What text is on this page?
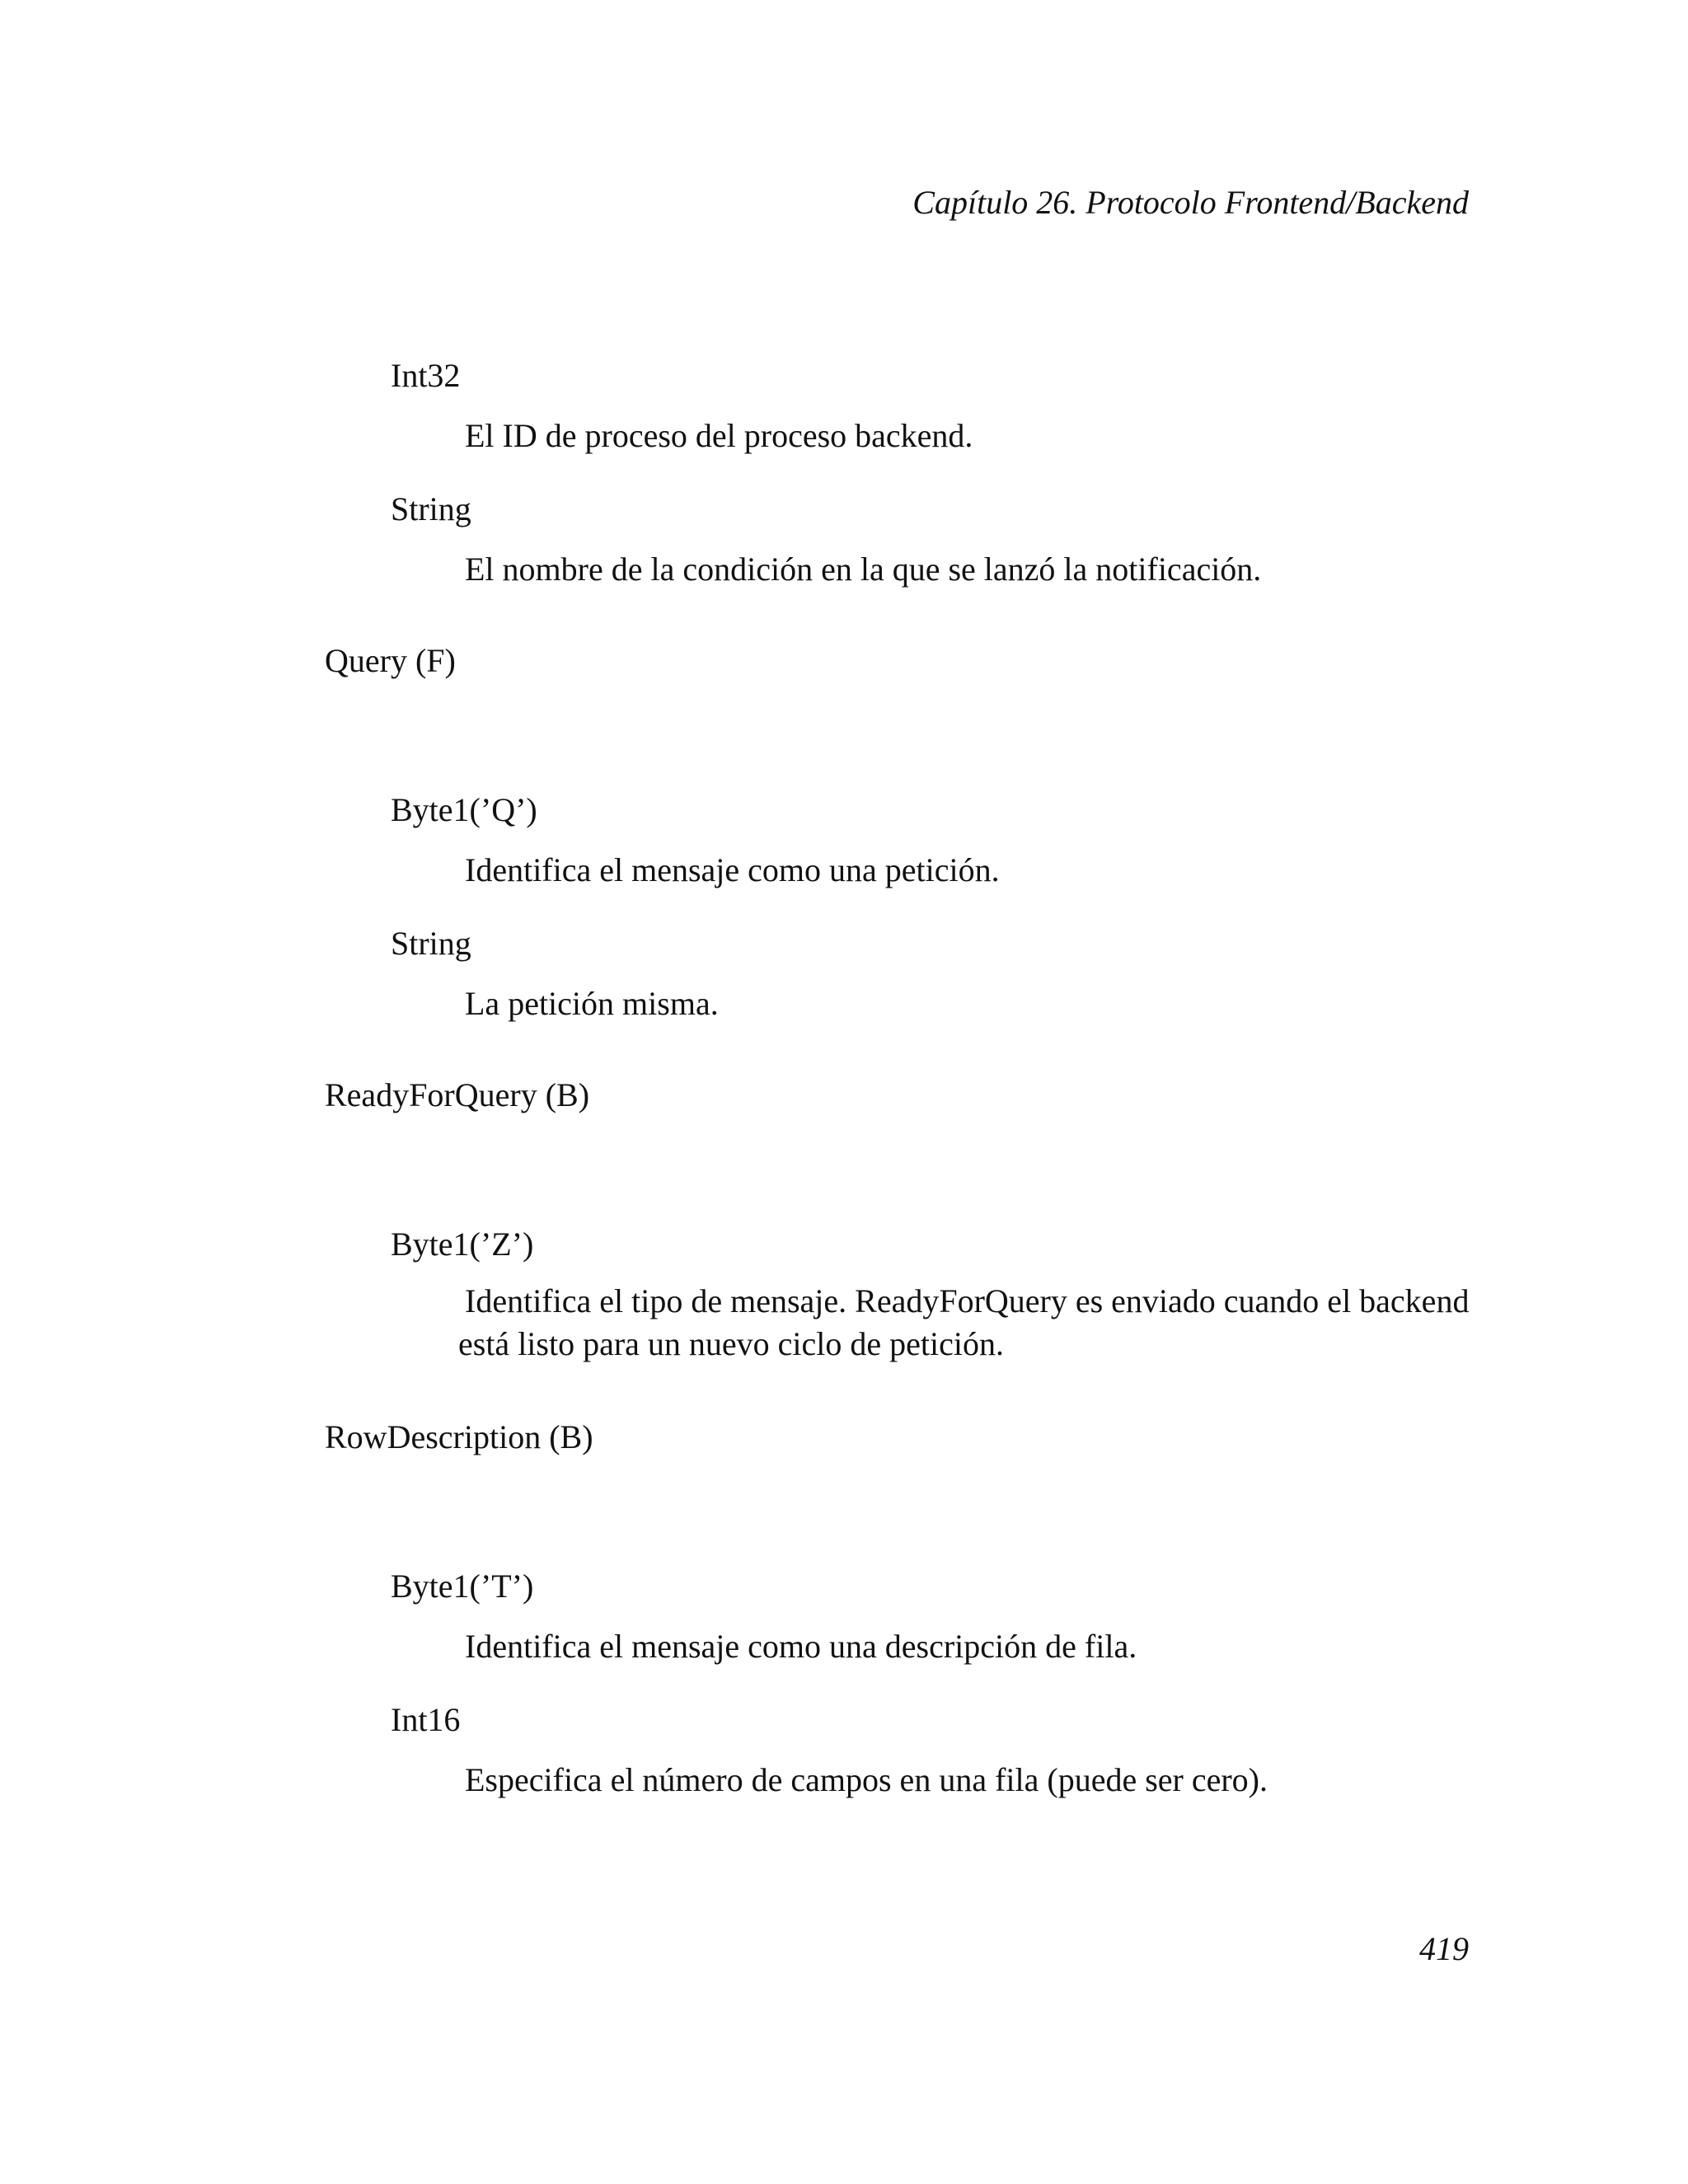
Capítulo 26. Protocolo Frontend/Backend
Int32
El ID de proceso del proceso backend.
String
El nombre de la condición en la que se lanzó la notificación.
Query (F)
Byte1(’Q’)
Identifica el mensaje como una petición.
String
La petición misma.
ReadyForQuery (B)
Byte1(’Z’)
Identifica el tipo de mensaje. ReadyForQuery es enviado cuando el backend está listo para un nuevo ciclo de petición.
RowDescription (B)
Byte1(’T’)
Identifica el mensaje como una descripción de fila.
Int16
Especifica el número de campos en una fila (puede ser cero).
419
